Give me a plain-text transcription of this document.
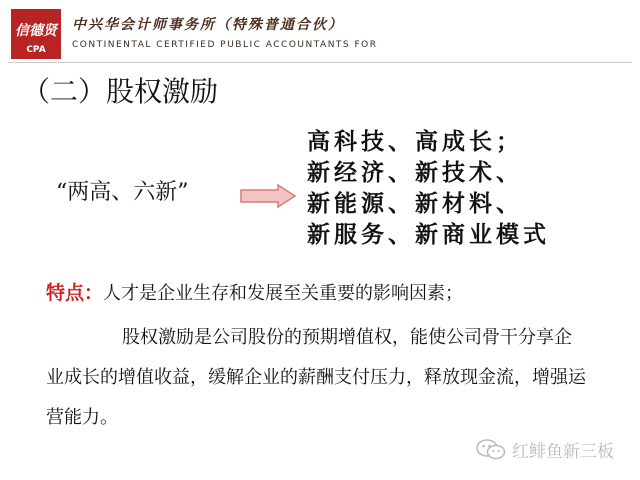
信德贤
CPA
中兴华会计师事务所（特殊普通合伙）
CONTINENTAL CERTIFIED PUBLIC ACCOUNTANTS FOR
（二）股权激励
“两高、六新”
高科技、高成长；
新经济、新技术、
新能源、新材料、
新服务、新商业模式
特点：人才是企业生存和发展至关重要的影响因素；

股权激励是公司股份的预期增值权，能使公司骨干分享企业成长的增值收益，缓解企业的薪酬支付压力，释放现金流，增强运营能力。

红鲱鱼新三板
